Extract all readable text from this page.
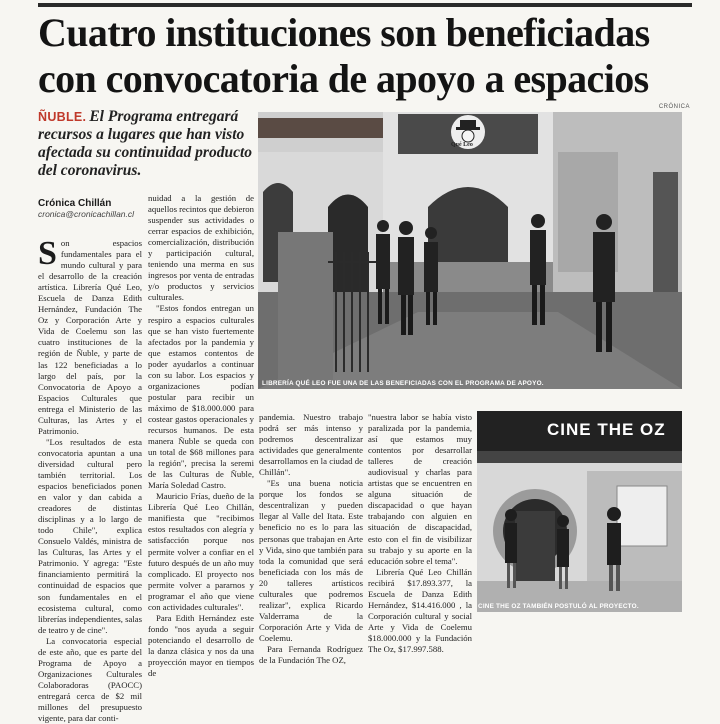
Cuatro instituciones son beneficiadas
con convocatoria de apoyo a espacios
ÑUBLE. El Programa entregará recursos a lugares que han visto afectada su continuidad producto del coronavirus.
Crónica Chillán
cronica@cronicachillan.cl

Son espacios fundamentales para el mundo cultural y para el desarrollo de la creación artística. Librería Qué Leo, Escuela de Danza Edith Hernández, Fundación The Oz y Corporación Arte y Vida de Coelemu son las cuatro instituciones de la región de Ñuble, y parte de las 122 beneficiadas a lo largo del país, por la Convocatoria de Apoyo a Espacios Culturales que entrega el Ministerio de las Culturas, las Artes y el Patrimonio.

"Los resultados de esta convocatoria apuntan a una diversidad cultural pero también territorial. Los espacios beneficiados ponen en valor y dan cabida a creadores de distintas disciplinas y a lo largo de todo Chile", explica Consuelo Valdés, ministra de las Culturas, las Artes y el Patrimonio. Y agrega: "Este financiamiento permitirá la continuidad de espacios que son fundamentales en el ecosistema cultural, como librerías independientes, salas de teatro y de cine".

La convocatoria especial de este año, que es parte del Programa de Apoyo a Organizaciones Culturales Colaboradoras (PAOCC) entregará cerca de $2 mil millones del presupuesto vigente, para dar conti-

nuidad a la gestión de aquellos recintos que debieron suspender sus actividades o cerrar espacios de exhibición, comercialización, distribución y participación cultural, teniendo una merma en sus ingresos por venta de entradas y/o productos y servicios culturales.

"Estos fondos entregan un respiro a espacios culturales que se han visto fuertemente afectados por la pandemia y que estamos contentos de poder ayudarlos a continuar con su labor. Los espacios y organizaciones podían postular para recibir un máximo de $18.000.000 para costear gastos operacionales y recursos humanos. De esta manera Ñuble se queda con un total de $68 millones para la región", precisa la seremi de las Culturas de Ñuble, María Soledad Castro.

Mauricio Frías, dueño de la Librería Qué Leo Chillán, manifiesta que "recibimos estos resultados con alegría y satisfacción porque nos permite volver a confiar en el futuro después de un año muy complicado. El proyecto nos permite volver a pararnos y programar el año que viene con actividades culturales".

Para Edith Hernández este fondo "nos ayuda a seguir potenciando el desarrollo de la danza clásica y nos da una proyección mayor en tiempos de

pandemia. Nuestro trabajo podrá ser más intenso y podremos descentralizar actividades que generalmente desarrollamos en la ciudad de Chillán".

"Es una buena noticia porque los fondos se descentralizan y pueden llegar al Valle del Itata. Este beneficio no es lo para las personas que trabajan en Arte y Vida, sino que también para toda la comunidad que será beneficiada con los más de 20 talleres artísticos culturales que podremos realizar", explica Ricardo Valderrama de la Corporación Arte y Vida de Coelemu.

Para Fernanda Rodríguez de la Fundación The OZ,

"nuestra labor se había visto paralizada por la pandemia, así que estamos muy contentos por desarrollar talleres de creación audiovisual y charlas para artistas que se encuentren en alguna situación de discapacidad o que hayan trabajando con alguien en situación de discapacidad, esto con el fin de visibilizar su trabajo y su aporte en la educación sobre el tema".

Librería Qué Leo Chillán recibirá $17.893.377, la Escuela de Danza Edith Hernández, $14.416.000 , la Corporación cultural y social Arte y Vida de Coelemu $18.000.000 y la Fundación The Oz, $17.997.588.

CRÓNICA
LIBRERÍA QUÉ LEO FUE UNA DE LAS BENEFICIADAS CON EL PROGRAMA DE APOYO.
CINE THE OZ
CINE THE OZ TAMBIÉN POSTULÓ AL PROYECTO.
Qué Leo
